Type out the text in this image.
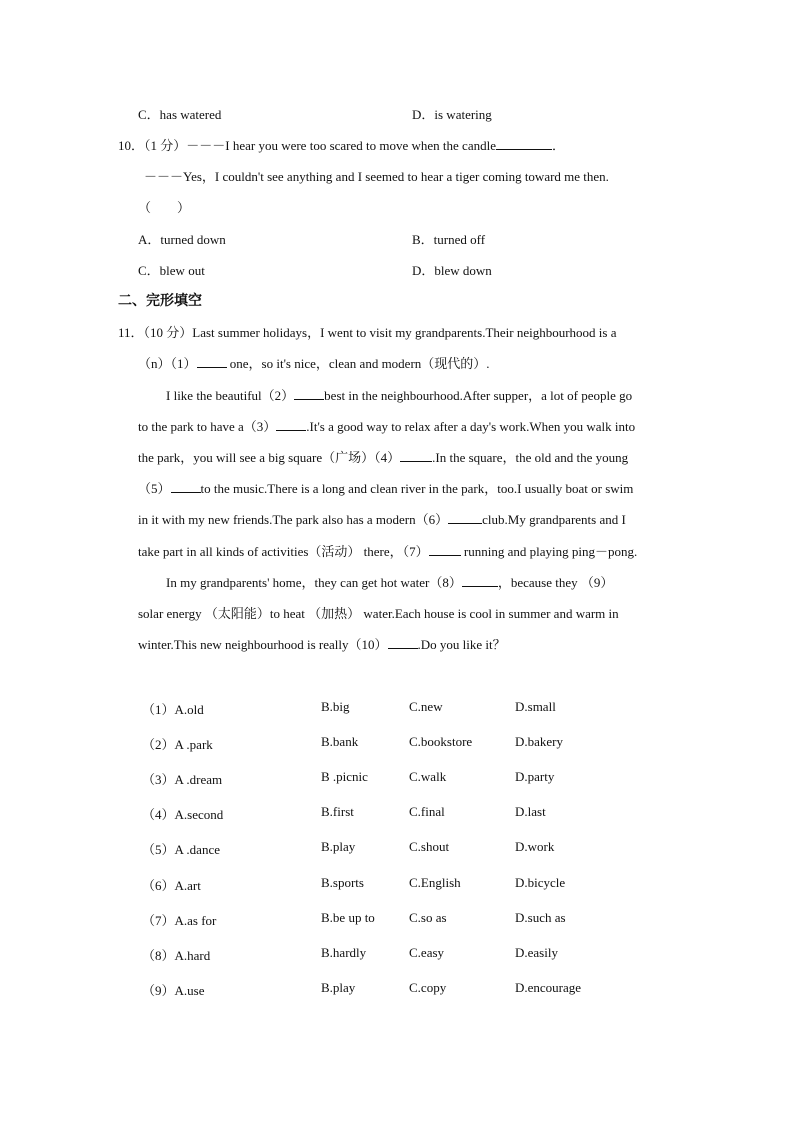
C．has watered	D．is watering
10．（1 分）－－－I hear you were too scared to move when the candle	．
－－－Yes，I couldn't see anything and I seemed to hear a tiger coming toward me then.
（　　）
A．turned down	B．turned off
C．blew out	D．blew down
二、完形填空
11．（10 分）Last summer holidays，I went to visit my grandparents.Their neighbourhood is a
（n）（1） one，so it's nice，clean and modern（现代的）.
I like the beautiful（2） best in the neighbourhood.After supper，a lot of people go
to the park to have a（3） .It's a good way to relax after a day's work.When you walk into
the park，you will see a big square（广场）（4） .In the square，the old and the young
（5） to the music.There is a long and clean river in the park，too.I usually boat or swim
in it with my new friends.The park also has a modern（6）	club.My grandparents and I
take part in all kinds of activities（活动） there，（7） running and playing ping－pong.
In my grandparents' home，they can get hot water（8）	，because they （9）
solar energy （太阳能）to heat （加热） water.Each house is cool in summer and warm in
winter.This new neighbourhood is really（10） .Do you like it？
（1）A.old	B.big	C.new	D.small
（2）A .park	B.bank	C.bookstore	D.bakery
（3）A .dream	B .picnic	C.walk	D.party
（4）A.second	B.first	C.final	D.last
（5）A .dance	B.play	C.shout	D.work
（6）A.art	B.sports	C.English	D.bicycle
（7）A.as for	B.be up to	C.so as	D.such as
（8）A.hard	B.hardly	C.easy	D.easily
（9）A.use	B.play	C.copy	D.encourage
